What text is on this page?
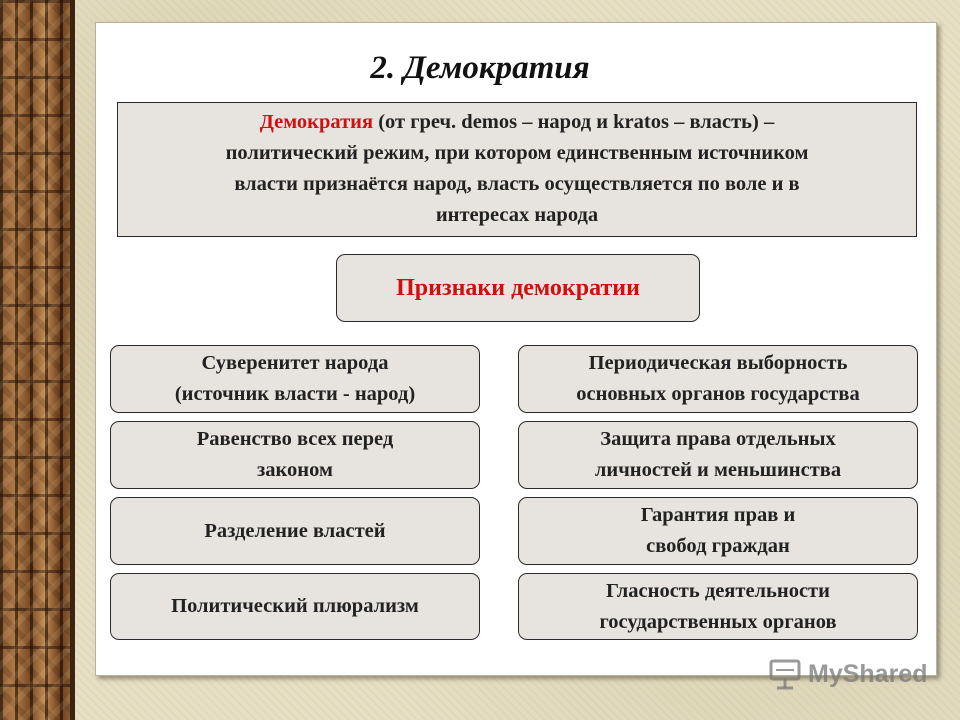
2. Демократия
Демократия (от греч. demos – народ и kratos – власть) –
политический режим, при котором единственным источником
власти признаётся народ, власть осуществляется по воле и в
интересах народа
Признаки демократии
Суверенитет народа
(источник власти - народ)
Равенство всех перед
законом
Разделение властей
Политический плюрализм
Периодическая выборность
основных органов государства
Защита права отдельных
личностей и меньшинства
Гарантия прав и
свобод граждан
Гласность деятельности
государственных органов
MyShared
